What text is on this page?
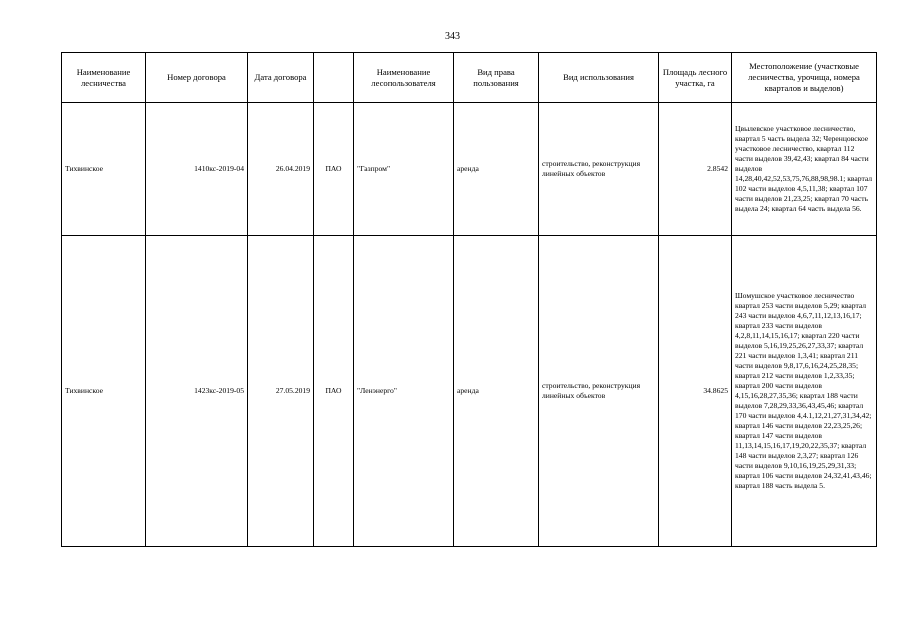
343
Наименование лесничества	Номер договора	Дата договора		Наименование лесопользователя	Вид права пользования	Вид использования	Площадь лесного участка, га	Местоположение (участковые лесничества, урочища, номера кварталов и выделов)
Тихвинское	1410кс-2019-04	26.04.2019	ПАО	"Газпром"	аренда	строительство, реконструкция линейных объектов	2.8542	Цвылевское участковое лесничество, квартал 5 часть выдела 32; Черенцовское участковое лесничество, квартал 112 части выделов 39,42,43; квартал 84 части выделов 14,28,40,42,52,53,75,76,88,98,98.1; квартал 102 части выделов 4,5,11,38; квартал 107 части выделов 21,23,25; квартал 70 часть выдела 24; квартал 64 часть выдела 56.
Тихвинское	1423кс-2019-05	27.05.2019	ПАО	"Ленэнерго"	аренда	строительство, реконструкция линейных объектов	34.8625	Шомушское участковое лесничество квартал 253 части выделов 5,29; квартал 243 части выделов 4,6,7,11,12,13,16,17; квартал 233 части выделов 4,2,8,11,14,15,16,17; квартал 220 части выделов 5,16,19,25,26,27,33,37; квартал 221 части выделов 1,3,41; квартал 211 части выделов 9,8,17,6,16,24,25,28,35; квартал 212 части выделов 1,2,33,35; квартал 200 части выделов 4,15,16,28,27,35,36; квартал 188 части выделов 7,28,29,33,36,43,45,46; квартал 170 части выделов 4,4.1,12,21,27,31,34,42; квартал 146 части выделов 22,23,25,26; квартал 147 части выделов 11,13,14,15,16,17,19,20,22,35,37; квартал 148 части выделов 2,3,27; квартал 126 части выделов 9,10,16,19,25,29,31,33; квартал 106 части выделов 24,32,41,43,46; квартал 188 часть выдела 5.
